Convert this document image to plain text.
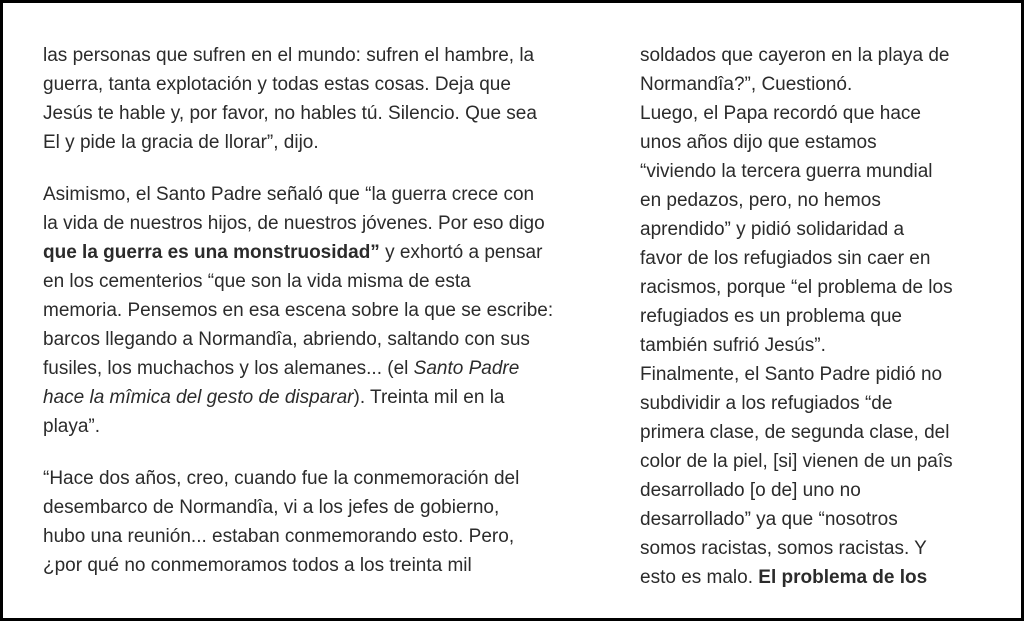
las personas que sufren en el mundo: sufren el hambre, la
guerra, tanta explotación y todas estas cosas. Deja que
Jesús te hable y, por favor, no hables tú. Silencio. Que sea
El y pide la gracia de llorar”, dijo.
Asimismo, el Santo Padre señaló que “la guerra crece con
la vida de nuestros hijos, de nuestros jóvenes. Por eso digo
que la guerra es una monstruosidad” y exhortó a pensar
en los cementerios “que son la vida misma de esta
memoria. Pensemos en esa escena sobre la que se escribe:
barcos llegando a Normandîa, abriendo, saltando con sus
fusiles, los muchachos y los alemanes... (el Santo Padre
hace la mîmica del gesto de disparar). Treinta mil en la
playa”.
“Hace dos años, creo, cuando fue la conmemoración del
desembarco de Normandîa, vi a los jefes de gobierno,
hubo una reunión... estaban conmemorando esto. Pero,
¿por qué no conmemoramos todos a los treinta mil
soldados que cayeron en la playa de
Normandîa?”, Cuestionó.
Luego, el Papa recordó que hace
unos años dijo que estamos
“viviendo la tercera guerra mundial
en pedazos, pero, no hemos
aprendido” y pidió solidaridad a
favor de los refugiados sin caer en
racismos, porque “el problema de los
refugiados es un problema que
también sufrió Jesús”.
Finalmente, el Santo Padre pidió no
subdividir a los refugiados “de
primera clase, de segunda clase, del
color de la piel, [si] vienen de un paîs
desarrollado [o de] uno no
desarrollado” ya que “nosotros
somos racistas, somos racistas. Y
esto es malo. El problema de los
